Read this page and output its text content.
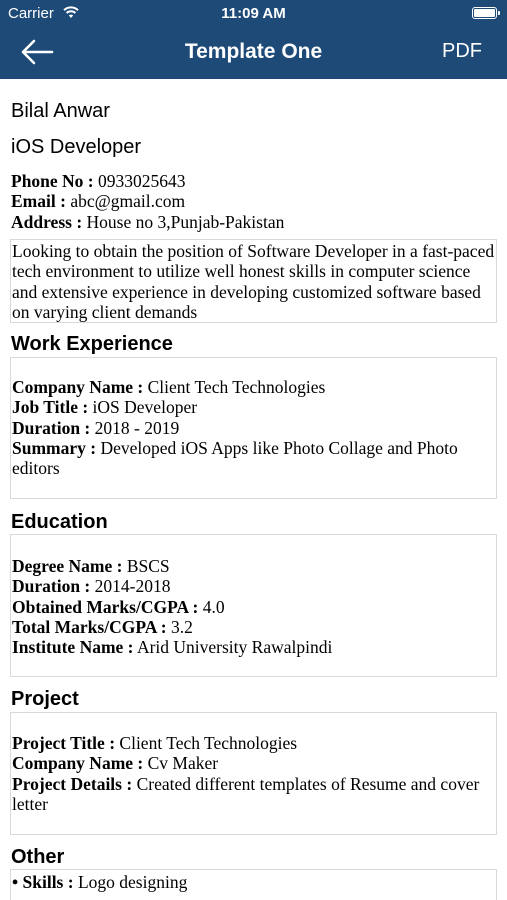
Carrier	11:09 AM
Template One	PDF
Bilal Anwar
iOS Developer
Phone No : 0933025643
Email : abc@gmail.com
Address : House no 3,Punjab-Pakistan
Looking to obtain the position of Software Developer in a fast-paced tech environment to utilize well honest skills in computer science and extensive experience in developing customized software based on varying client demands
Work Experience
Company Name : Client Tech Technologies
Job Title : iOS Developer
Duration : 2018 - 2019
Summary : Developed iOS Apps like Photo Collage and Photo editors
Education
Degree Name : BSCS
Duration : 2014-2018
Obtained Marks/CGPA : 4.0
Total Marks/CGPA : 3.2
Institute Name : Arid University Rawalpindi
Project
Project Title : Client Tech Technologies
Company Name : Cv Maker
Project Details : Created different templates of Resume and cover letter
Other
• Skills : Logo designing
